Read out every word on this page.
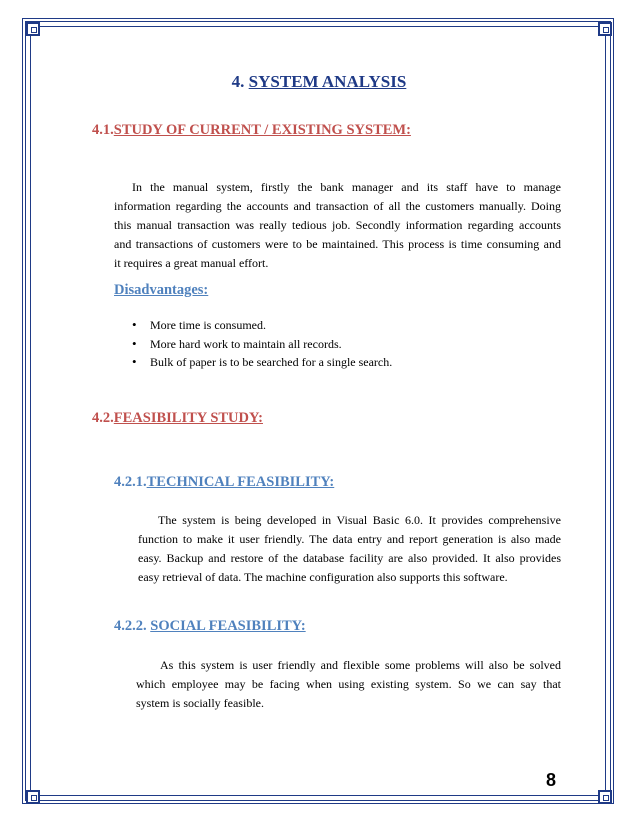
4. SYSTEM ANALYSIS

4.1.STUDY OF CURRENT / EXISTING SYSTEM:

In the manual system, firstly the bank manager and its staff have to manage
information regarding the accounts and transaction of all the customers manually. Doing
this manual transaction was really tedious job. Secondly information regarding accounts
and transactions of customers were to be maintained. This process is time consuming and
it requires a great manual effort.

Disadvantages:

• More time is consumed.
• More hard work to maintain all records.
• Bulk of paper is to be searched for a single search.

4.2.FEASIBILITY STUDY:

4.2.1.TECHNICAL FEASIBILITY:

The system is being developed in Visual Basic 6.0. It provides comprehensive
function to make it user friendly. The data entry and report generation is also made
easy. Backup and restore of the database facility are also provided. It also provides
easy retrieval of data. The machine configuration also supports this software.

4.2.2. SOCIAL FEASIBILITY:

As this system is user friendly and flexible some problems will also be solved
which employee may be facing when using existing system. So we can say that
system is socially feasible.

8
